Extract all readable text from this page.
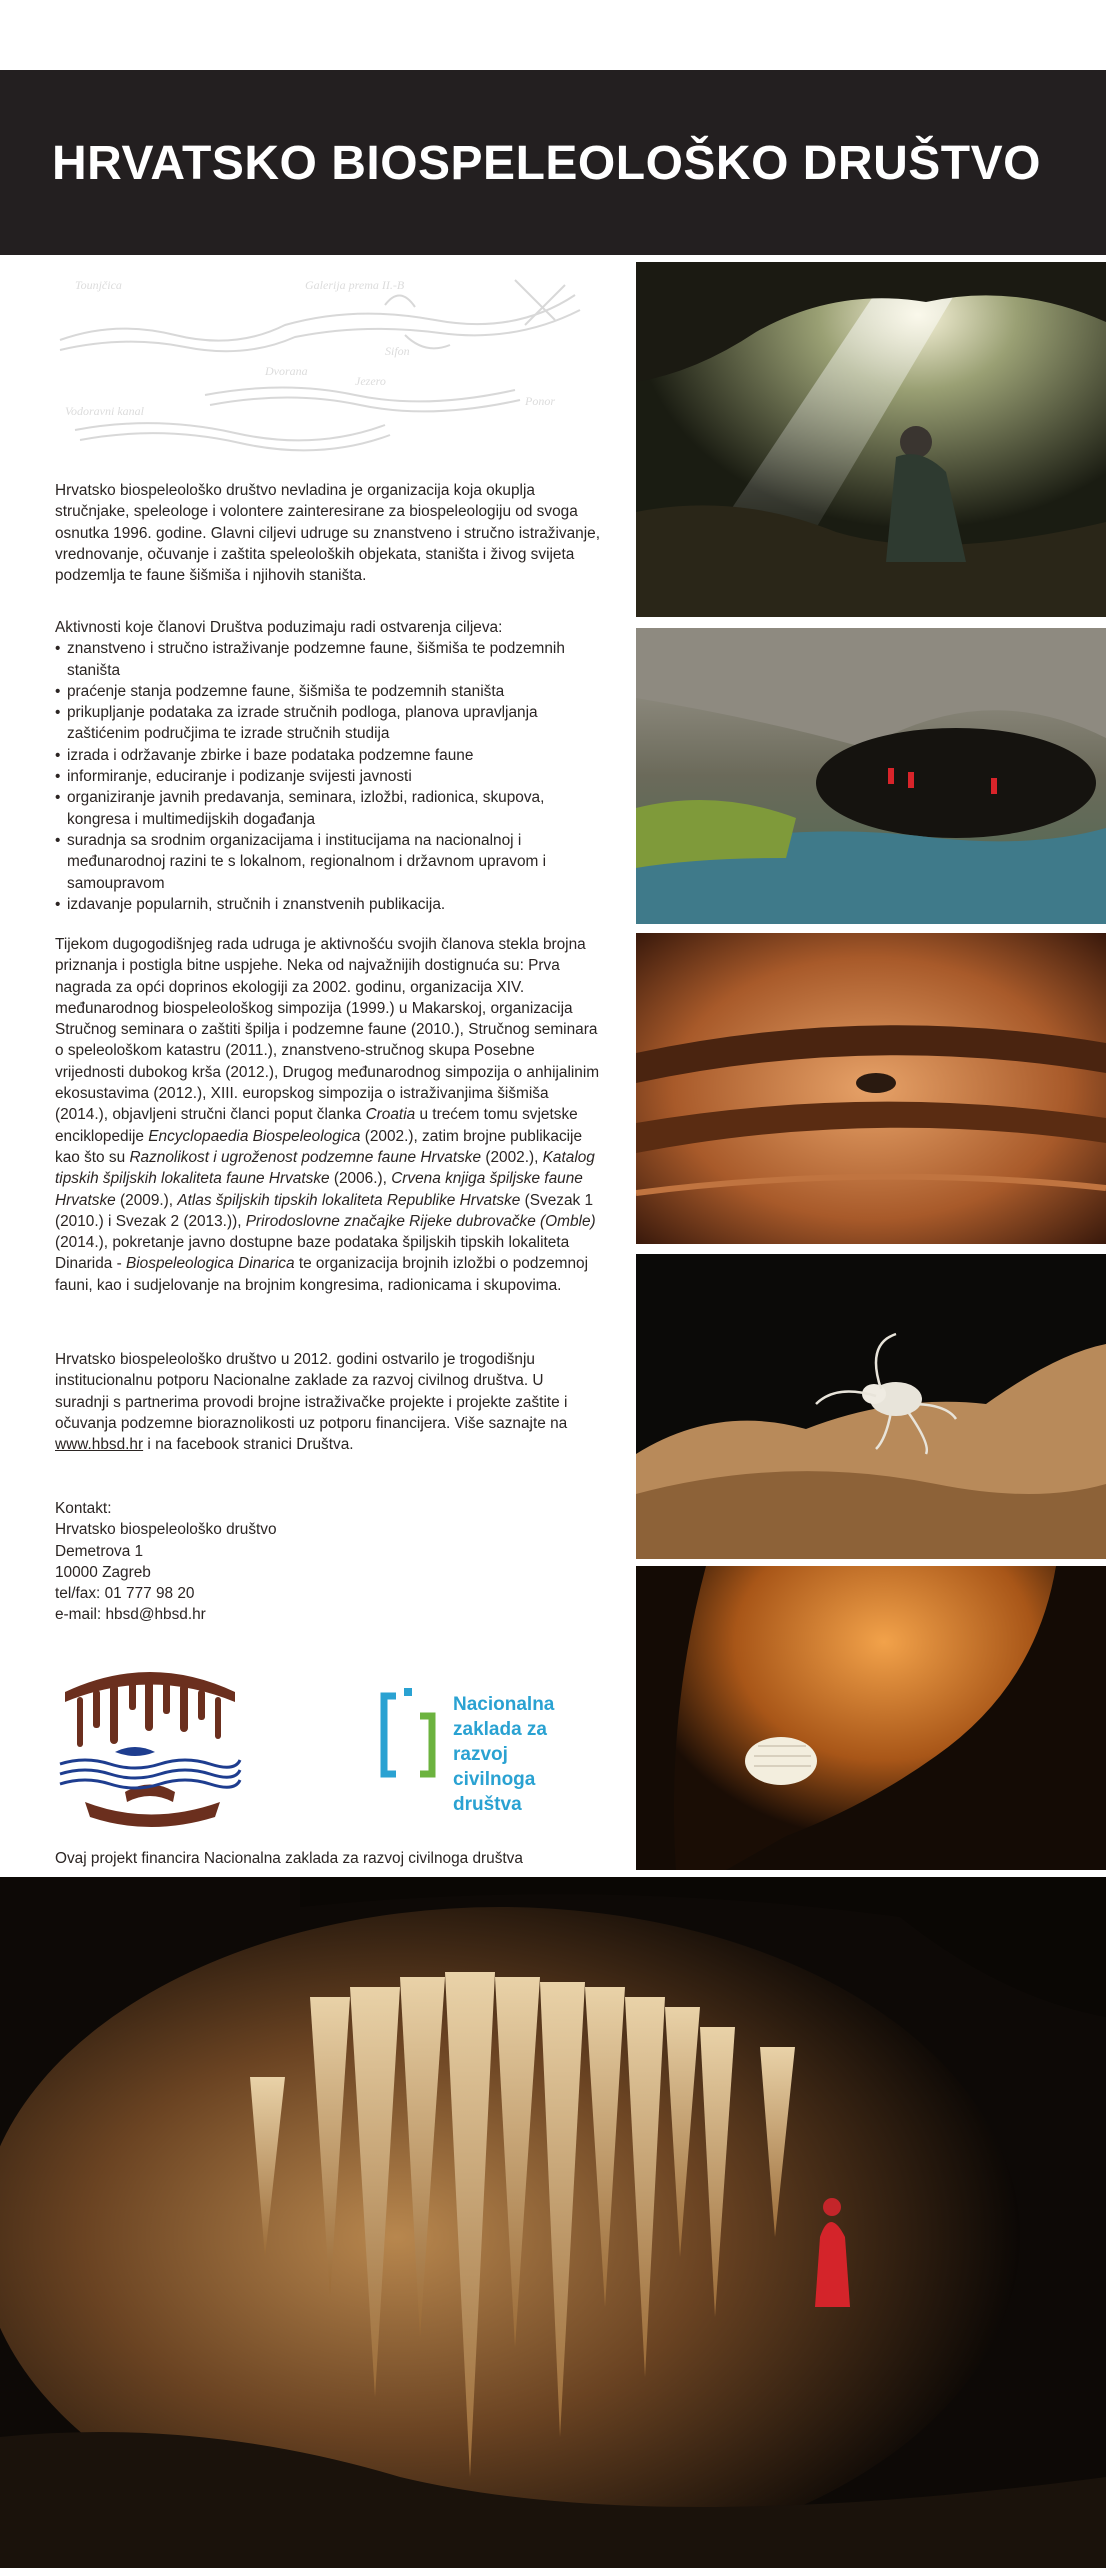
HRVATSKO BIOSPELEOLOŠKO DRUŠTVO
Tounjčica	Galerija prema II.-B
Sifon
Jezero
Dvorana
Vodoravni kanal
Ponor

Hrvatsko biospeleološko društvo nevladina je organizacija koja okuplja stručnjake, speleologe i volontere zainteresirane za biospeleologiju od svoga osnutka 1996. godine. Glavni ciljevi udruge su znanstveno i stručno istraživanje, vrednovanje, očuvanje i zaštita speleoloških objekata, staništa i živog svijeta podzemlja te faune šišmiša i njihovih staništa.

Aktivnosti koje članovi Društva poduzimaju radi ostvarenja ciljeva:

• znanstveno i stručno istraživanje podzemne faune, šišmiša te podzemnih staništa
• praćenje stanja podzemne faune, šišmiša te podzemnih staništa
• prikupljanje podataka za izrade stručnih podloga, planova upravljanja zaštićenim područjima te izrade stručnih studija
• izrada i održavanje zbirke i baze podataka podzemne faune
• informiranje, educiranje i podizanje svijesti javnosti
• organiziranje javnih predavanja, seminara, izložbi, radionica, skupova, kongresa i multimedijskih događanja
• suradnja sa srodnim organizacijama i institucijama na nacionalnoj i međunarodnoj razini te s lokalnom, regionalnom i državnom upravom i samoupravom
• izdavanje popularnih, stručnih i znanstvenih publikacija.

Tijekom dugogodišnjeg rada udruga je aktivnošću svojih članova stekla brojna priznanja i postigla bitne uspjehe. Neka od najvažnijih dostignuća su: Prva nagrada za opći doprinos ekologiji za 2002. godinu, organizacija XIV. međunarodnog biospeleološkog simpozija (1999.) u Makarskoj, organizacija Stručnog seminara o zaštiti špilja i podzemne faune (2010.), Stručnog seminara o speleološkom katastru (2011.), znanstveno-stručnog skupa Posebne vrijednosti dubokog krša (2012.), Drugog međunarodnog simpozija o anhijalinim ekosustavima (2012.), XIII. europskog simpozija o istraživanjima šišmiša (2014.), objavljeni stručni članci poput članka Croatia u trećem tomu svjetske enciklopedije Encyclopaedia Biospeleologica (2002.), zatim brojne publikacije kao što su Raznolikost i ugroženost podzemne faune Hrvatske (2002.), Katalog tipskih špiljskih lokaliteta faune Hrvatske (2006.), Crvena knjiga špiljske faune Hrvatske (2009.), Atlas špiljskih tipskih lokaliteta Republike Hrvatske (Svezak 1 (2010.) i Svezak 2 (2013.)), Prirodoslovne značajke Rijeke dubrovačke (Omble) (2014.), pokretanje javno dostupne baze podataka špiljskih tipskih lokaliteta Dinarida - Biospeleologica Dinarica te organizacija brojnih izložbi o podzemnoj fauni, kao i sudjelovanje na brojnim kongresima, radionicama i skupovima.

Hrvatsko biospeleološko društvo u 2012. godini ostvarilo je trogodišnju institucionalnu potporu Nacionalne zaklade za razvoj civilnog društva. U suradnji s partnerima provodi brojne istraživačke projekte i projekte zaštite i očuvanja podzemne bioraznolikosti uz potporu financijera. Više saznajte na www.hbsd.hr i na facebook stranici Društva.

Kontakt:

Hrvatsko biospeleološko društvo

Demetrova 1

10000 Zagreb

tel/fax: 01 777 98 20

e-mail: hbsd@hbsd.hr

Nacionalna
zaklada za
razvoj
civilnoga
društva
Ovaj projekt financira Nacionalna zaklada za razvoj civilnoga društva
